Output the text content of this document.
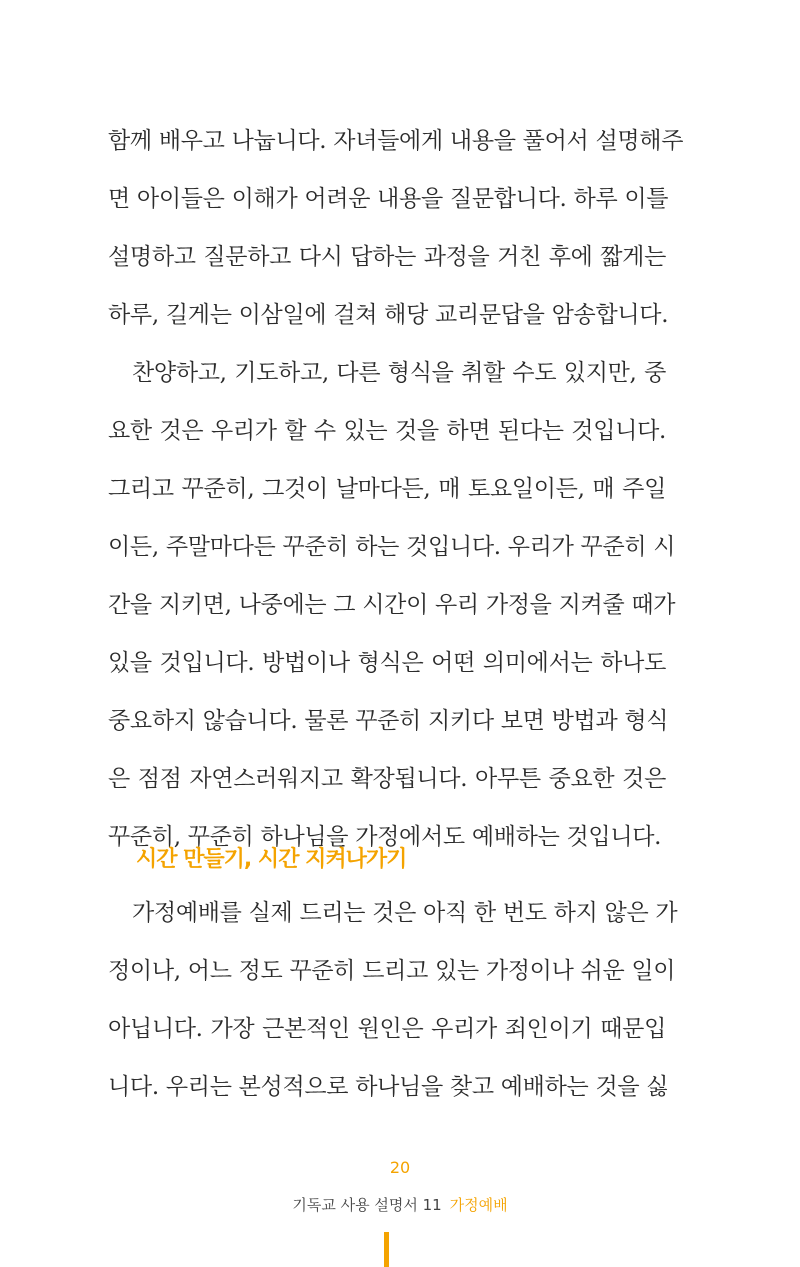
함께 배우고 나눕니다. 자녀들에게 내용을 풀어서 설명해주
면 아이들은 이해가 어려운 내용을 질문합니다. 하루 이틀
설명하고 질문하고 다시 답하는 과정을 거친 후에 짧게는
하루, 길게는 이삼일에 걸쳐 해당 교리문답을 암송합니다.

찬양하고, 기도하고, 다른 형식을 취할 수도 있지만, 중
요한 것은 우리가 할 수 있는 것을 하면 된다는 것입니다.
그리고 꾸준히, 그것이 날마다든, 매 토요일이든, 매 주일
이든, 주말마다든 꾸준히 하는 것입니다. 우리가 꾸준히 시
간을 지키면, 나중에는 그 시간이 우리 가정을 지켜줄 때가
있을 것입니다. 방법이나 형식은 어떤 의미에서는 하나도
중요하지 않습니다. 물론 꾸준히 지키다 보면 방법과 형식
은 점점 자연스러워지고 확장됩니다. 아무튼 중요한 것은
꾸준히, 꾸준히 하나님을 가정에서도 예배하는 것입니다.

시간 만들기, 시간 지켜나가기

가정예배를 실제 드리는 것은 아직 한 번도 하지 않은 가
정이나, 어느 정도 꾸준히 드리고 있는 가정이나 쉬운 일이
아닙니다. 가장 근본적인 원인은 우리가 죄인이기 때문입
니다. 우리는 본성적으로 하나님을 찾고 예배하는 것을 싫

20
기독교 사용 설명서 11 가정예배
